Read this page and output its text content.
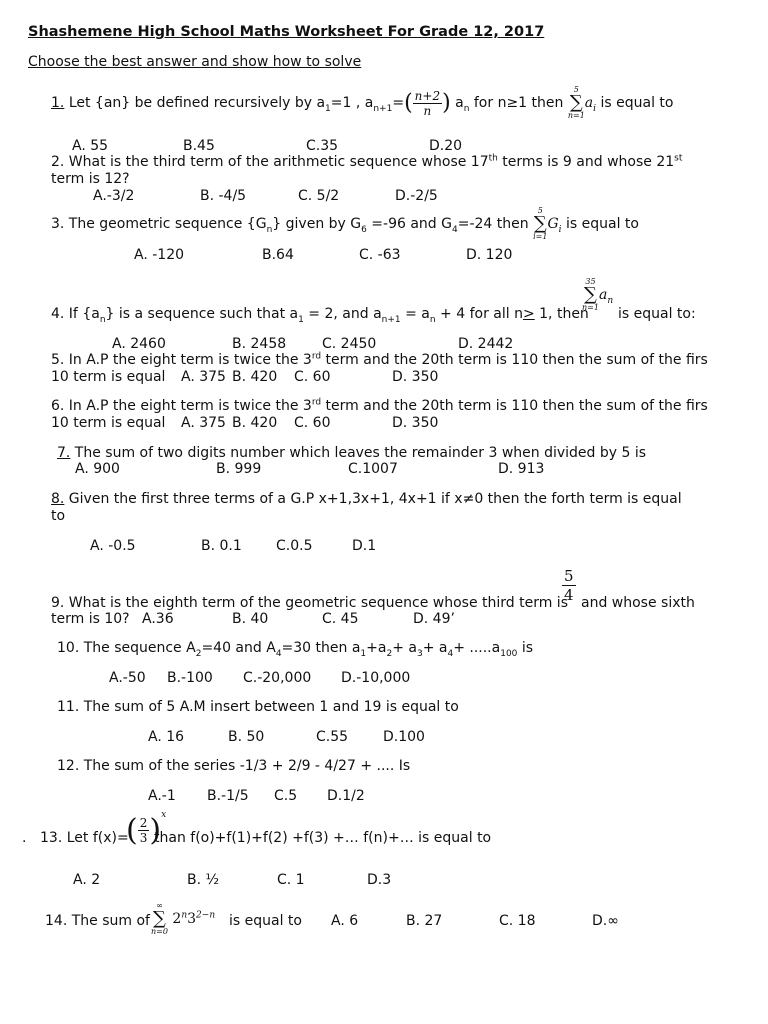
Shashemene High School Maths Worksheet For Grade 12, 2017
Choose the best answer and show how to solve
1. Let {an} be defined recursively by $a_1=1$ , $a_{n+1}=( \frac{n+2}{n}$ ) $a_n$ for n≥1 then
5
∑
n=1
$a_i$ is equal to
A. 55	B.45	C.35	D.20
2. What is the third term of the arithmetic sequence whose 17th terms is 9 and whose 21st
term is 12?
A.-3/2	B. -4/5	C. 5/2	D.-2/5
3. The geometric sequence $\{G_n\}$ given by $G_6 =-96$ and $G_4=-24$ then
5
∑
i=1
$G_i$ is equal to
A. -120	B.64	C. -63	D. 120
4. If $\{a_n\}$ is a sequence such that $a_1 = 2$, and $a_{n+1} = a_n + 4$ for all n> 1, then
35
∑
n=1
$a_n$
is equal to:
A. 2460	B. 2458	C. 2450	D. 2442
5. In A.P the eight term is twice the 3rd term and the 20th term is 110 then the sum of the firs
10 term is equal A. 375 B. 420 C. 60	D. 350
6. In A.P the eight term is twice the 3rd term and the 20th term is 110 then the sum of the firs
10 term is equal A. 375 B. 420 C. 60	D. 350
7. The sum of two digits number which leaves the remainder 3 when divided by 5 is
A. 900	B. 999	C.1007	D. 913
8. Given the first three terms of a G.P x+1,3x+1, 4x+1 if x≠0 then the forth term is equal
to
A. -0.5	B. 0.1 C.0.5	D.1
9. What is the eighth term of the geometric sequence whose third term is
5
4 and whose sixth
term is 10? A.36	B. 40	C. 45	D. 49’
10. The sequence $A_2=40$ and $A_4=30$ then $a_1+a_2+ a_3+ a_4+ .....a_{100}$ is
A.-50 B.-100 C.-20,000 D.-10,000
11. The sum of 5 A.M insert between 1 and 19 is equal to
A. 16	B. 50	C.55 D.100
12. The sum of the series -1/3 + 2/9 - 4/27 + .... Is
A.-1 B.-1/5 C.5 D.1/2
. 13. Let f(x)=
( $\frac{2}{3} )^x$
than f(o)+f(1)+f(2) +f(3) +… f(n)+… is equal to
A. 2	B. ½	C. 1	D.3
14. The sum of
∞
∑
n=0
$2^n3^{2-n}$ is equal to A. 6	B. 27	C. 18	D.∞
